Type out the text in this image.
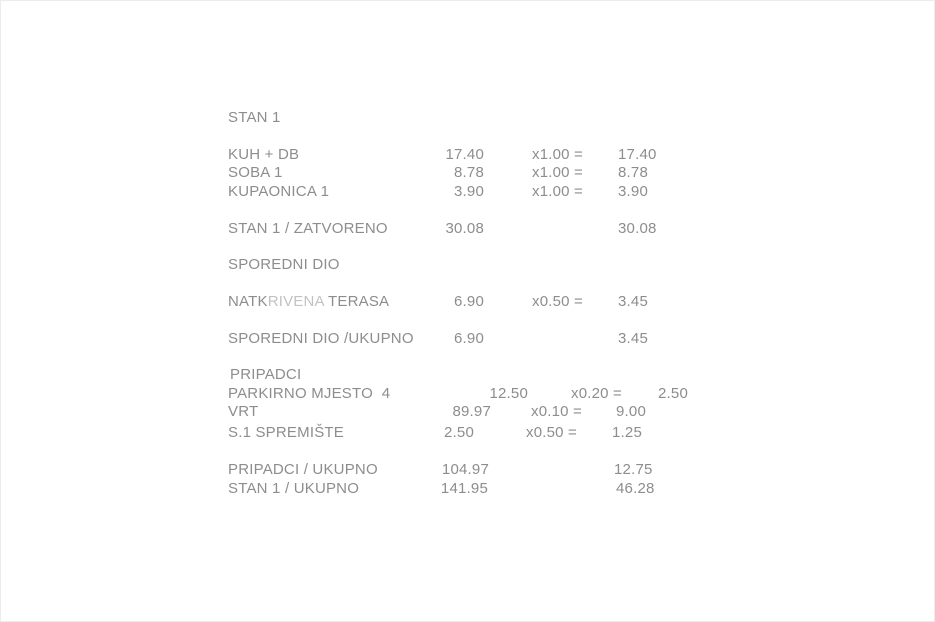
STAN 1
KUH + DB	17.40	x1.00 = 17.40
SOBA 1	8.78	x1.00 = 8.78
KUPAONICA 1	3.90	x1.00 = 3.90
STAN 1 / ZATVORENO	30.08	30.08
SPOREDNI DIO
NATKRIVENA TERASA	6.90	x0.50 = 3.45
SPOREDNI DIO /UKUPNO	6.90	3.45
PRIPADCI
PARKIRNO MJESTO  4	12.50	x0.20 = 2.50
VRT	89.97	x0.10 = 9.00
S.1 SPREMIŠTE	2.50	x0.50 = 1.25
PRIPADCI / UKUPNO	104.97	12.75
STAN 1 / UKUPNO	141.95	46.28
